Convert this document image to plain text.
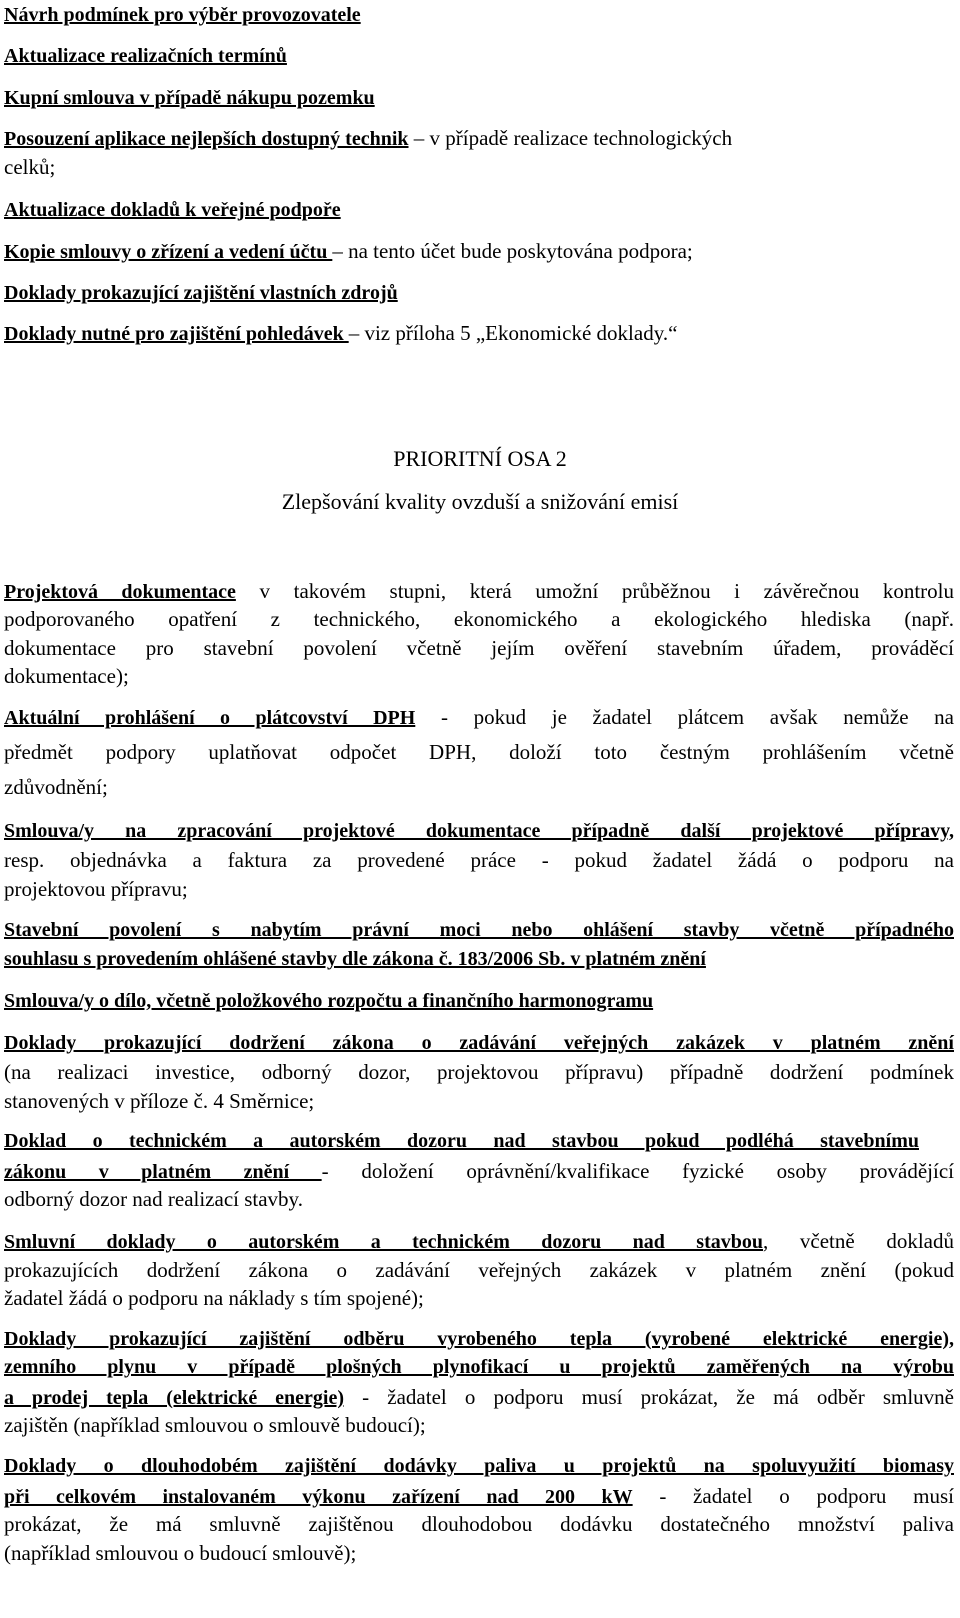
Návrh podmínek pro výběr provozovatele
Aktualizace realizačních termínů
Kupní smlouva v případě nákupu pozemku
Posouzení aplikace nejlepších dostupný technik – v případě realizace technologických
celků;
Aktualizace dokladů k veřejné podpoře
Kopie smlouvy o zřízení a vedení účtu – na tento účet bude poskytována podpora;
Doklady prokazující zajištění vlastních zdrojů
Doklady nutné pro zajištění pohledávek – viz příloha 5 „Ekonomické doklady.“
PRIORITNÍ OSA 2
Zlepšování kvality ovzduší a snižování emisí
Projektová dokumentace v takovém stupni, která umožní průběžnou i závěrečnou kontrolu
podporovaného opatření z technického, ekonomického a ekologického hlediska (např.
dokumentace pro stavební povolení včetně jejím ověření stavebním úřadem, prováděcí
dokumentace);
Aktuální prohlášení o plátcovství DPH - pokud je žadatel plátcem avšak nemůže na
předmět podpory uplatňovat odpočet DPH, doloží toto čestným prohlášením včetně
zdůvodnění;
Smlouva/y na zpracování projektové dokumentace případně další projektové přípravy,
resp. objednávka a faktura za provedené práce - pokud žadatel žádá o podporu na
projektovou přípravu;
Stavební povolení s nabytím právní moci nebo ohlášení stavby včetně případného
souhlasu s provedením ohlášené stavby dle zákona č. 183/2006 Sb. v platném znění
Smlouva/y o dílo, včetně položkového rozpočtu a finančního harmonogramu
Doklady prokazující dodržení zákona o zadávání veřejných zakázek v platném znění
(na realizaci investice, odborný dozor, projektovou přípravu) případně dodržení podmínek
stanovených v příloze č. 4 Směrnice;
Doklad o technickém a autorském dozoru nad stavbou pokud podléhá stavebnímu
zákonu v platném znění - doložení oprávnění/kvalifikace fyzické osoby provádějící
odborný dozor nad realizací stavby.
Smluvní doklady o autorském a technickém dozoru nad stavbou, včetně dokladů
prokazujících dodržení zákona o zadávání veřejných zakázek v platném znění (pokud
žadatel žádá o podporu na náklady s tím spojené);
Doklady prokazující zajištění odběru vyrobeného tepla (vyrobené elektrické energie),
zemního plynu v případě plošných plynofikací u projektů zaměřených na výrobu
a prodej tepla (elektrické energie) - žadatel o podporu musí prokázat, že má odběr smluvně
zajištěn (například smlouvou o smlouvě budoucí);
Doklady o dlouhodobém zajištění dodávky paliva u projektů na spoluvyužití biomasy
při celkovém instalovaném výkonu zařízení nad 200 kW - žadatel o podporu musí
prokázat, že má smluvně zajištěnou dlouhodobou dodávku dostatečného množství paliva
(například smlouvou o budoucí smlouvě);
